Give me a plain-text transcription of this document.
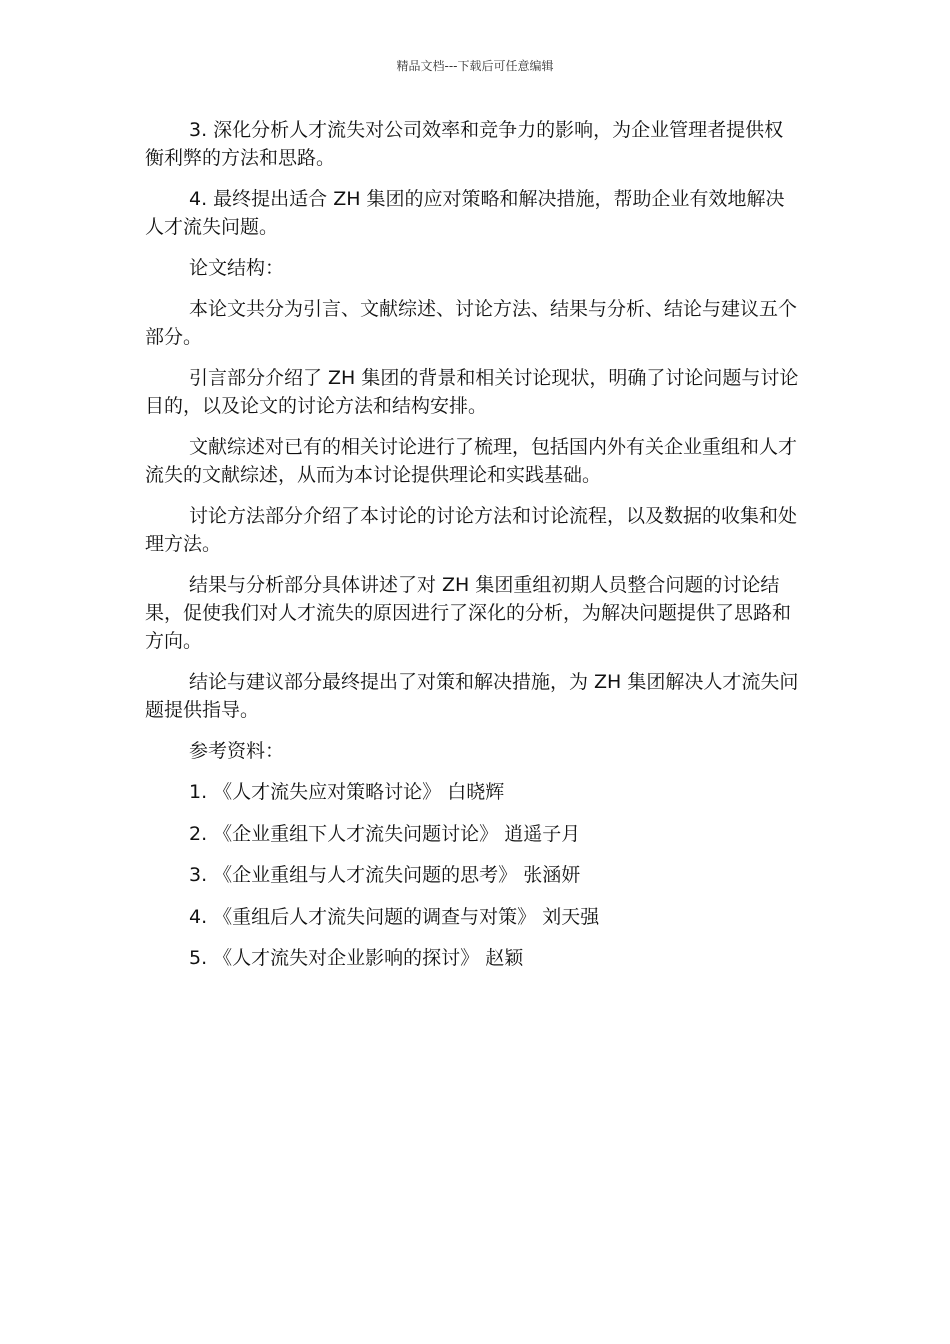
精品文档---下载后可任意编辑

3. 深化分析人才流失对公司效率和竞争力的影响，为企业管理者提供权衡利弊的方法和思路。

4. 最终提出适合 ZH 集团的应对策略和解决措施，帮助企业有效地解决人才流失问题。

论文结构：

本论文共分为引言、文献综述、讨论方法、结果与分析、结论与建议五个部分。

引言部分介绍了 ZH 集团的背景和相关讨论现状，明确了讨论问题与讨论目的，以及论文的讨论方法和结构安排。

文献综述对已有的相关讨论进行了梳理，包括国内外有关企业重组和人才流失的文献综述，从而为本讨论提供理论和实践基础。

讨论方法部分介绍了本讨论的讨论方法和讨论流程，以及数据的收集和处理方法。

结果与分析部分具体讲述了对 ZH 集团重组初期人员整合问题的讨论结果，促使我们对人才流失的原因进行了深化的分析，为解决问题提供了思路和方向。

结论与建议部分最终提出了对策和解决措施，为 ZH 集团解决人才流失问题提供指导。

参考资料：

1. 《人才流失应对策略讨论》 白晓辉
2. 《企业重组下人才流失问题讨论》 逍遥子月
3. 《企业重组与人才流失问题的思考》 张涵妍
4. 《重组后人才流失问题的调查与对策》 刘天强
5. 《人才流失对企业影响的探讨》 赵颖
